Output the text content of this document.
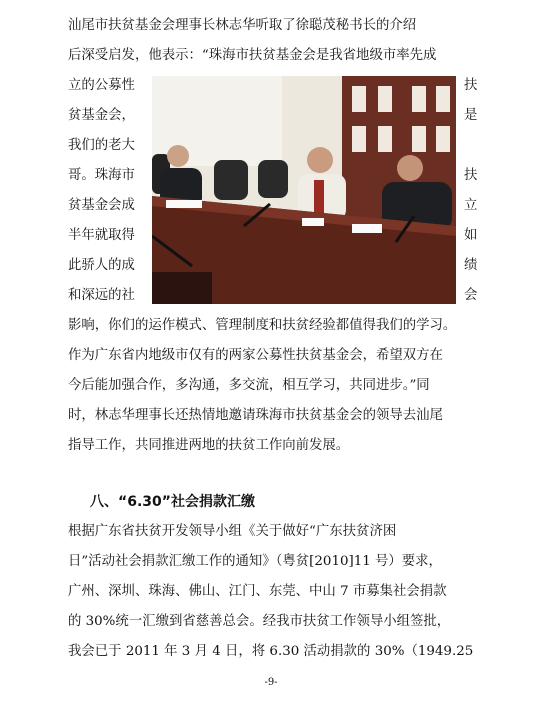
汕尾市扶贫基金会理事长林志华听取了徐聪茂秘书长的介绍
后深受启发，他表示：“珠海市扶贫基金会是我省地级市率先成
立的公募性
贫基金会，
我们的老大
哥。珠海市
贫基金会成
半年就取得
此骄人的成
和深远的社
扶
是
扶
立
如
绩
会
影响，你们的运作模式、管理制度和扶贫经验都值得我们的学习。
作为广东省内地级市仅有的两家公募性扶贫基金会，希望双方在
今后能加强合作，多沟通，多交流，相互学习，共同进步。”同
时，林志华理事长还热情地邀请珠海市扶贫基金会的领导去汕尾
指导工作，共同推进两地的扶贫工作向前发展。
八、“6.30”社会捐款汇缴
根据广东省扶贫开发领导小组《关于做好“广东扶贫济困
日”活动社会捐款汇缴工作的通知》（粤贫[2010]11 号）要求，
广州、深圳、珠海、佛山、江门、东莞、中山 7 市募集社会捐款
的 30%统一汇缴到省慈善总会。经我市扶贫工作领导小组签批，
我会已于 2011 年 3 月 4 日，将 6.30 活动捐款的 30%（1949.25
-9-
